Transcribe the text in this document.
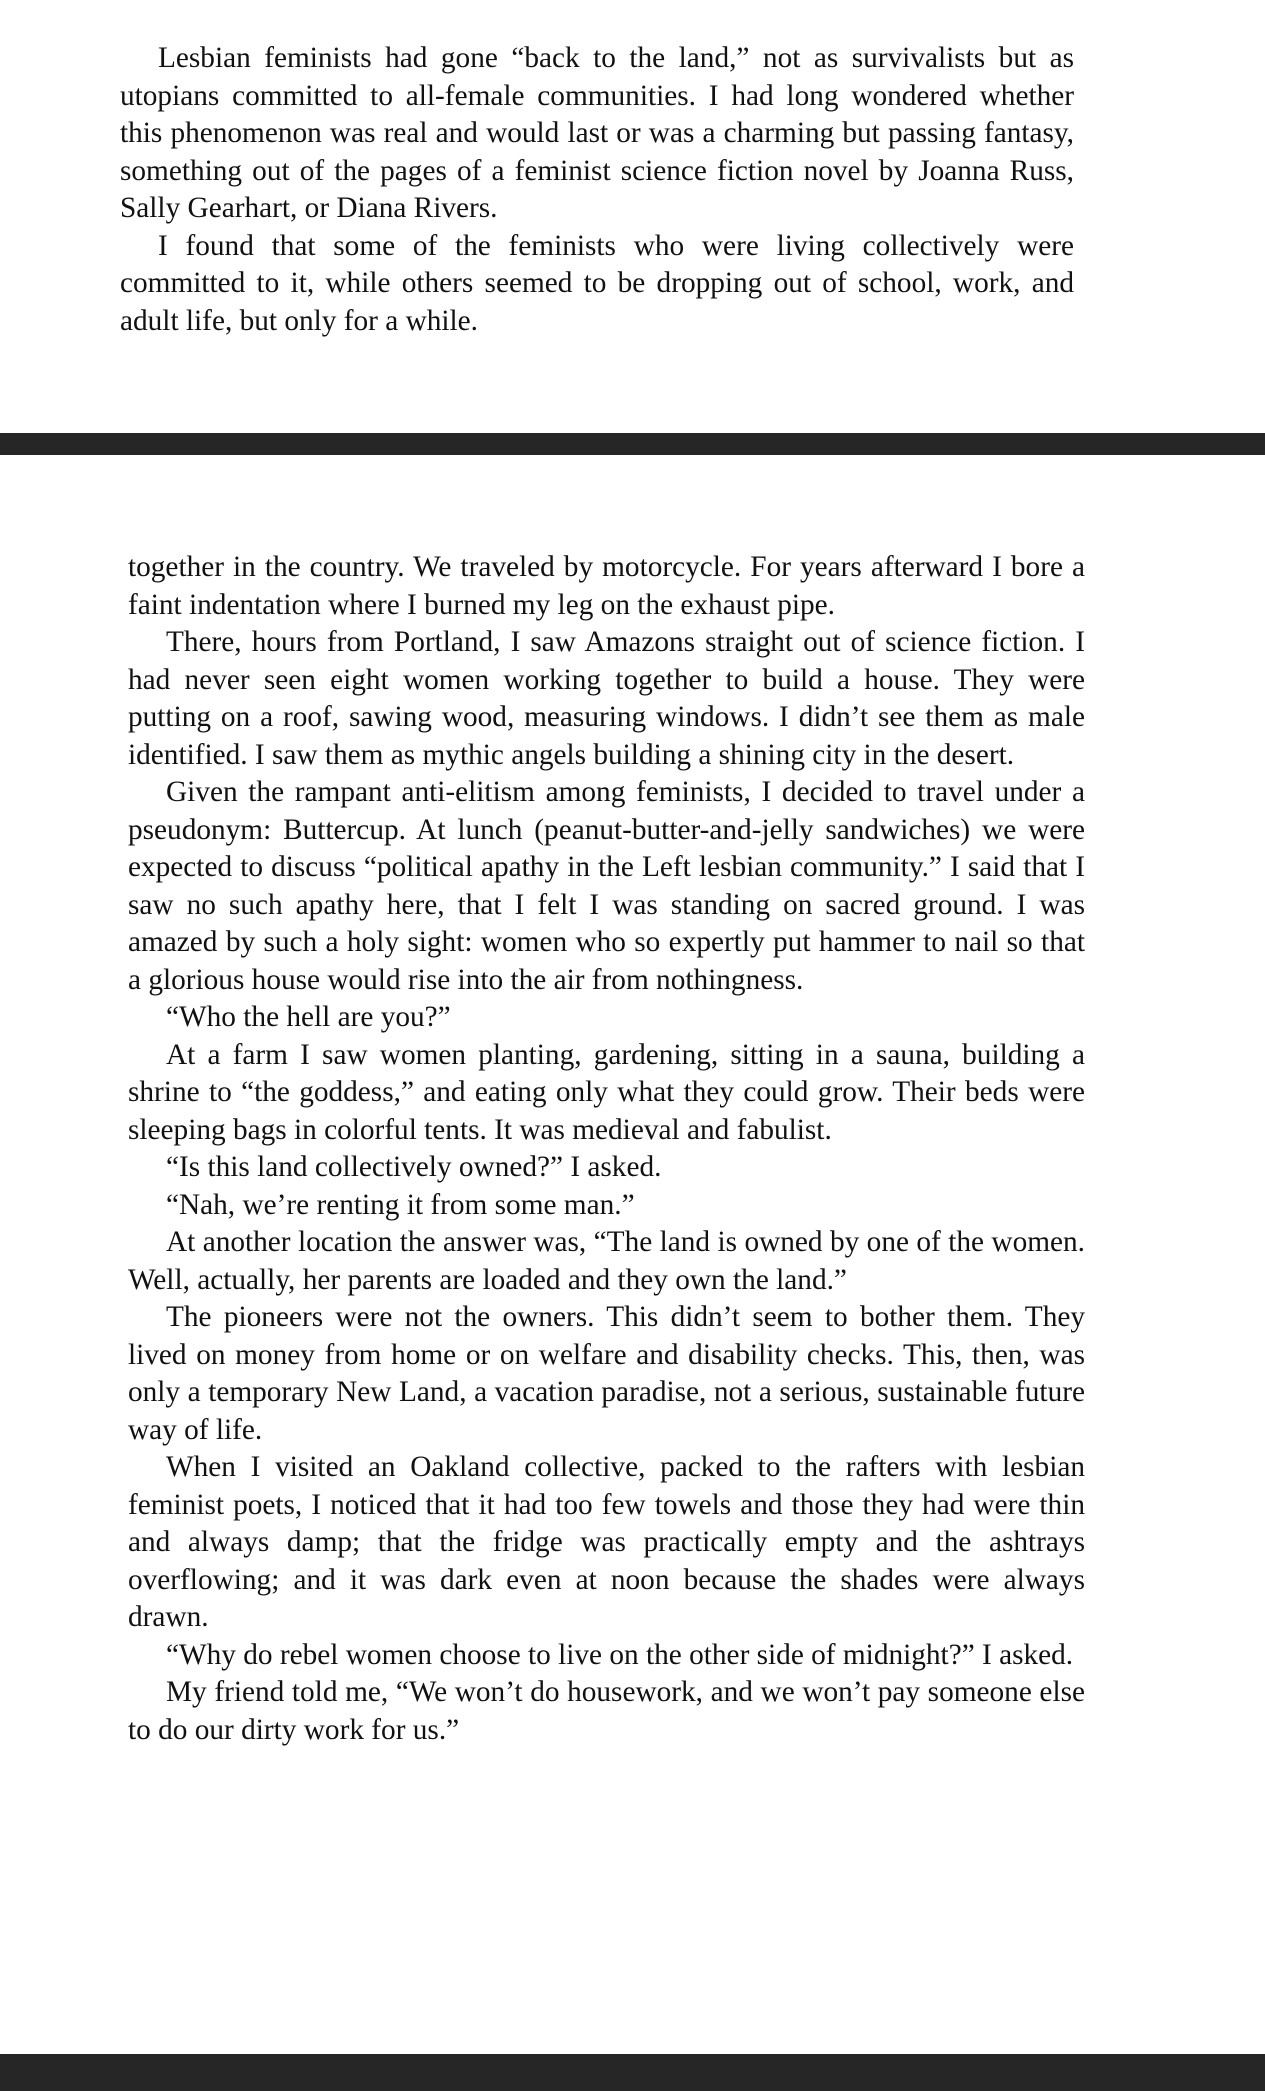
Lesbian feminists had gone “back to the land,” not as survivalists but as utopians committed to all-female communities. I had long wondered whether this phenomenon was real and would last or was a charming but passing fantasy, something out of the pages of a feminist science fiction novel by Joanna Russ, Sally Gearhart, or Diana Rivers.

I found that some of the feminists who were living collectively were committed to it, while others seemed to be dropping out of school, work, and adult life, but only for a while.

together in the country. We traveled by motorcycle. For years afterward I bore a faint indentation where I burned my leg on the exhaust pipe.

There, hours from Portland, I saw Amazons straight out of science fiction. I had never seen eight women working together to build a house. They were putting on a roof, sawing wood, measuring windows. I didn’t see them as male identified. I saw them as mythic angels building a shining city in the desert.

Given the rampant anti-elitism among feminists, I decided to travel under a pseudonym: Buttercup. At lunch (peanut-butter-and-jelly sandwiches) we were expected to discuss “political apathy in the Left lesbian community.” I said that I saw no such apathy here, that I felt I was standing on sacred ground. I was amazed by such a holy sight: women who so expertly put hammer to nail so that a glorious house would rise into the air from nothingness.

“Who the hell are you?”

At a farm I saw women planting, gardening, sitting in a sauna, building a shrine to “the goddess,” and eating only what they could grow. Their beds were sleeping bags in colorful tents. It was medieval and fabulist.

“Is this land collectively owned?” I asked.

“Nah, we’re renting it from some man.”

At another location the answer was, “The land is owned by one of the women. Well, actually, her parents are loaded and they own the land.”

The pioneers were not the owners. This didn’t seem to bother them. They lived on money from home or on welfare and disability checks. This, then, was only a temporary New Land, a vacation paradise, not a serious, sustainable future way of life.

When I visited an Oakland collective, packed to the rafters with lesbian feminist poets, I noticed that it had too few towels and those they had were thin and always damp; that the fridge was practically empty and the ashtrays overflowing; and it was dark even at noon because the shades were always drawn.

“Why do rebel women choose to live on the other side of midnight?” I asked.

My friend told me, “We won’t do housework, and we won’t pay someone else to do our dirty work for us.”
